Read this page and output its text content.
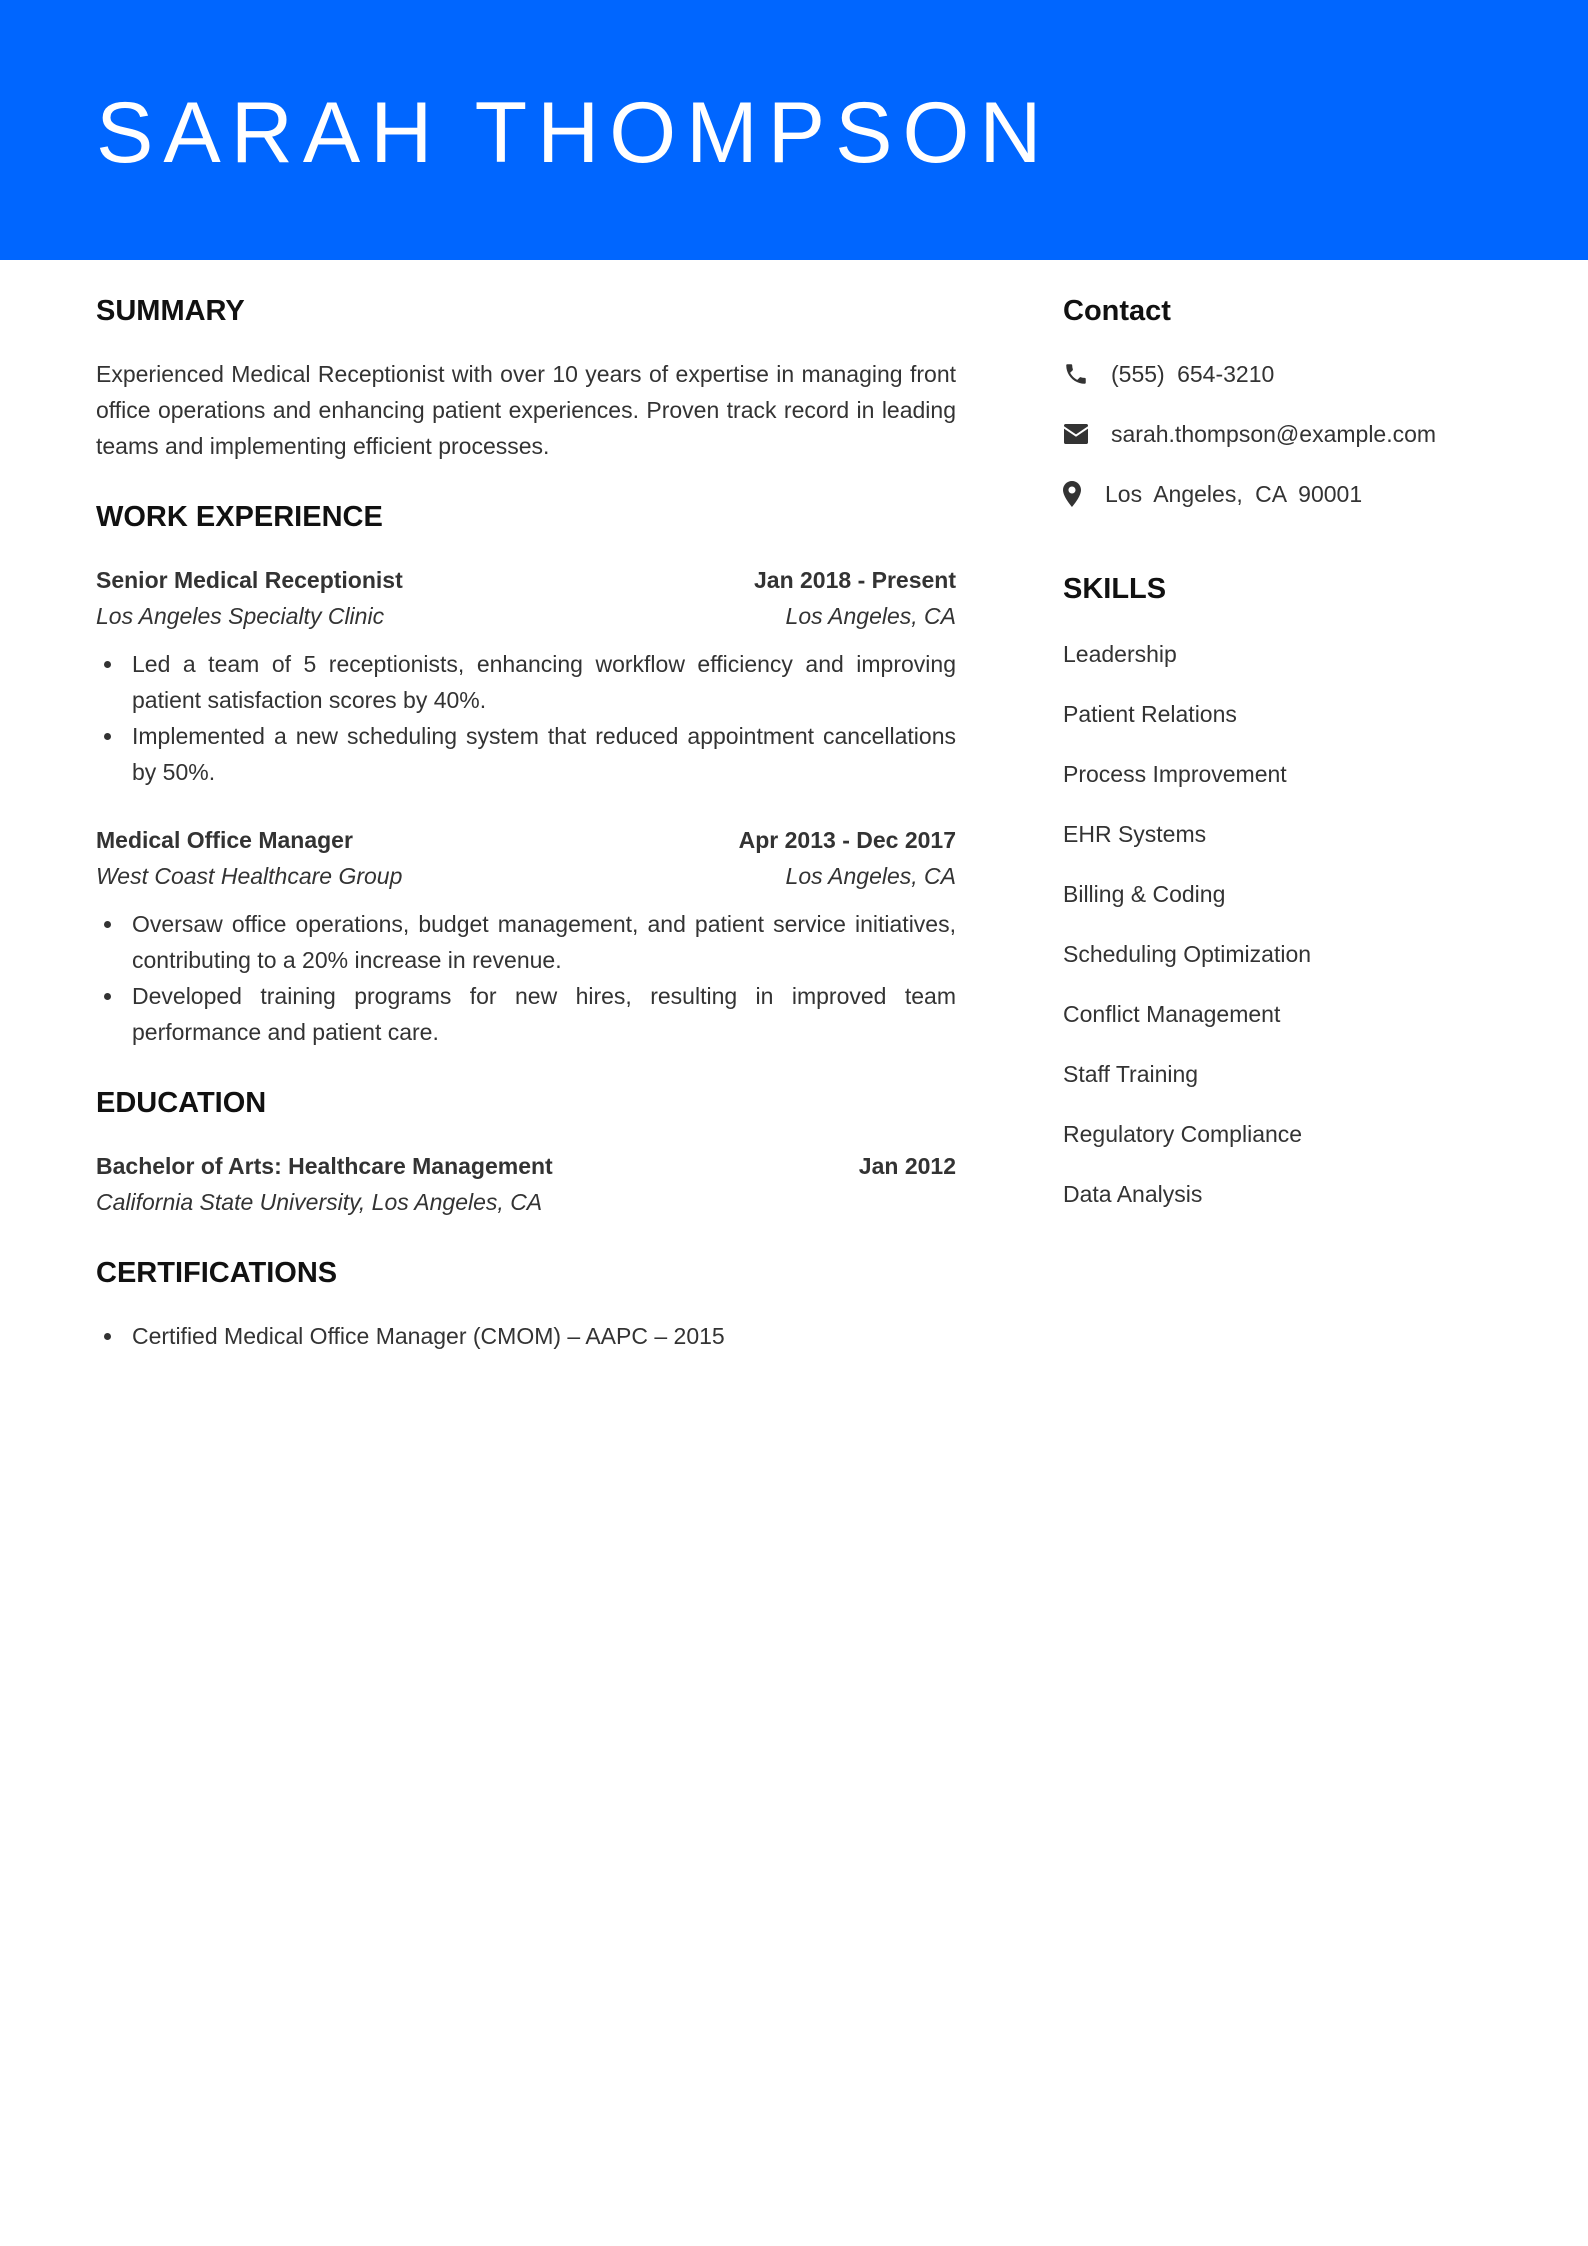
SARAH THOMPSON
SUMMARY

Experienced Medical Receptionist with over 10 years of expertise in managing front office operations and enhancing patient experiences. Proven track record in leading teams and implementing efficient processes.

WORK EXPERIENCE
Senior Medical Receptionist	Jan 2018 - Present
Los Angeles Specialty Clinic	Los Angeles, CA
Led a team of 5 receptionists, enhancing workflow efficiency and improving patient satisfaction scores by 40%.
Implemented a new scheduling system that reduced appointment cancellations by 50%.
Medical Office Manager	Apr 2013 - Dec 2017
West Coast Healthcare Group	Los Angeles, CA
Oversaw office operations, budget management, and patient service initiatives, contributing to a 20% increase in revenue.
Developed training programs for new hires, resulting in improved team performance and patient care.
EDUCATION
Bachelor of Arts: Healthcare Management	Jan 2012
California State University, Los Angeles, CA
CERTIFICATIONS
Certified Medical Office Manager (CMOM) – AAPC – 2015
Contact
(555) 654-3210
sarah.thompson@example.com
Los Angeles, CA 90001
SKILLS
Leadership
Patient Relations
Process Improvement
EHR Systems
Billing & Coding
Scheduling Optimization
Conflict Management
Staff Training
Regulatory Compliance
Data Analysis
